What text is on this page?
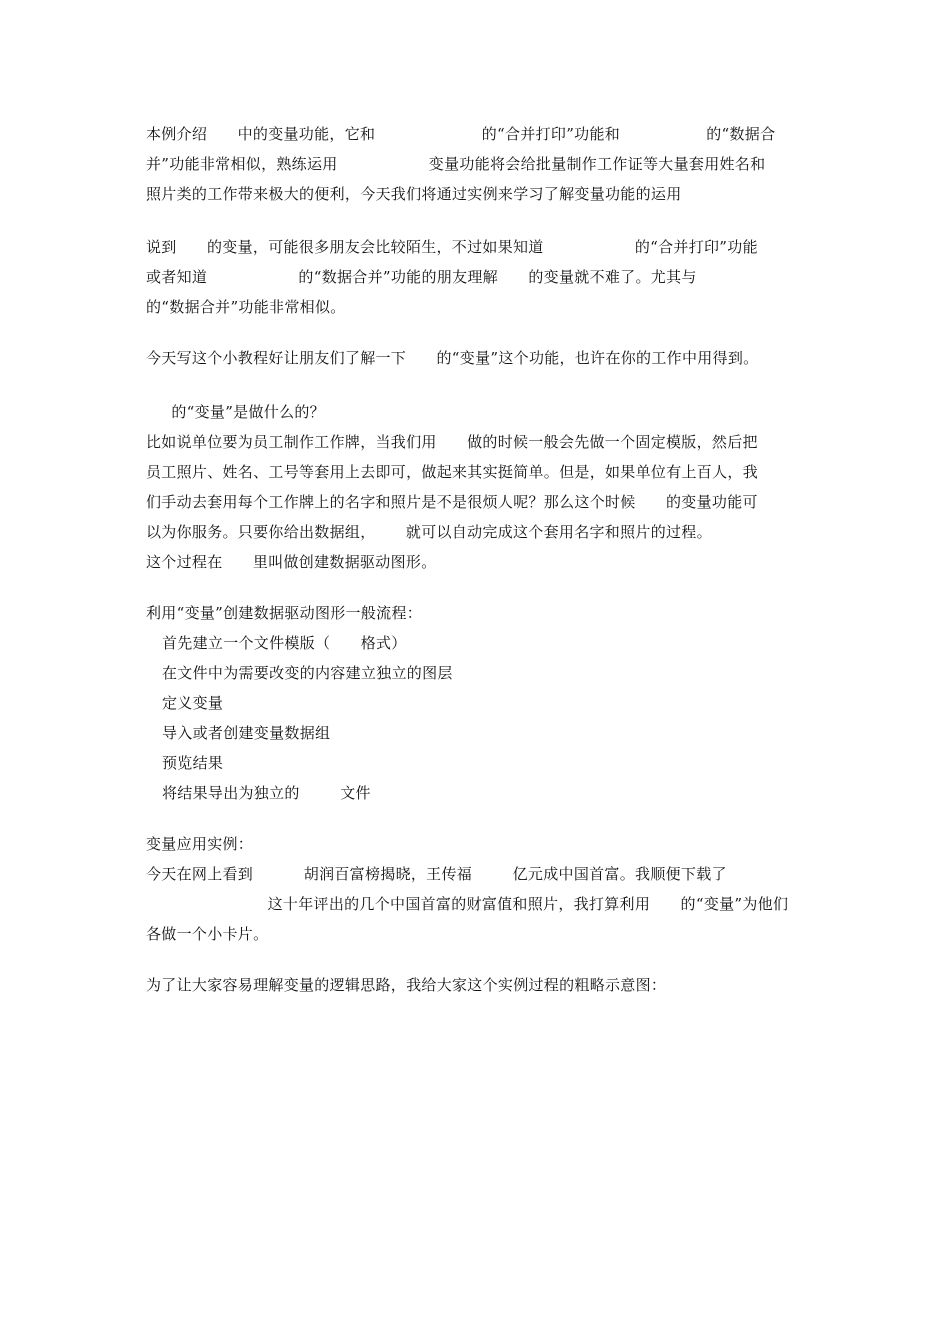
本例介绍      中的变量功能，它和                     的“合并打印”功能和                 的“数据合
并”功能非常相似，熟练运用                  变量功能将会给批量制作工作证等大量套用姓名和
照片类的工作带来极大的便利，今天我们将通过实例来学习了解变量功能的运用
说到      的变量，可能很多朋友会比较陌生，不过如果知道                  的“合并打印”功能
或者知道                  的“数据合并”功能的朋友理解      的变量就不难了。尤其与
的“数据合并”功能非常相似。
今天写这个小教程好让朋友们了解一下      的“变量”这个功能，也许在你的工作中用得到。
的“变量”是做什么的？
比如说单位要为员工制作工作牌，当我们用      做的时候一般会先做一个固定模版，然后把
员工照片、姓名、工号等套用上去即可，做起来其实挺简单。但是，如果单位有上百人，我
们手动去套用每个工作牌上的名字和照片是不是很烦人呢？那么这个时候      的变量功能可
以为你服务。只要你给出数据组，      就可以自动完成这个套用名字和照片的过程。
这个过程在      里叫做创建数据驱动图形。
利用“变量”创建数据驱动图形一般流程：
首先建立一个文件模版（      格式）
在文件中为需要改变的内容建立独立的图层
定义变量
导入或者创建变量数据组
预览结果
将结果导出为独立的        文件
变量应用实例：
今天在网上看到          胡润百富榜揭晓，王传福        亿元成中国首富。我顺便下载了
这十年评出的几个中国首富的财富值和照片，我打算利用      的“变量”为他们
各做一个小卡片。
为了让大家容易理解变量的逻辑思路，我给大家这个实例过程的粗略示意图：
